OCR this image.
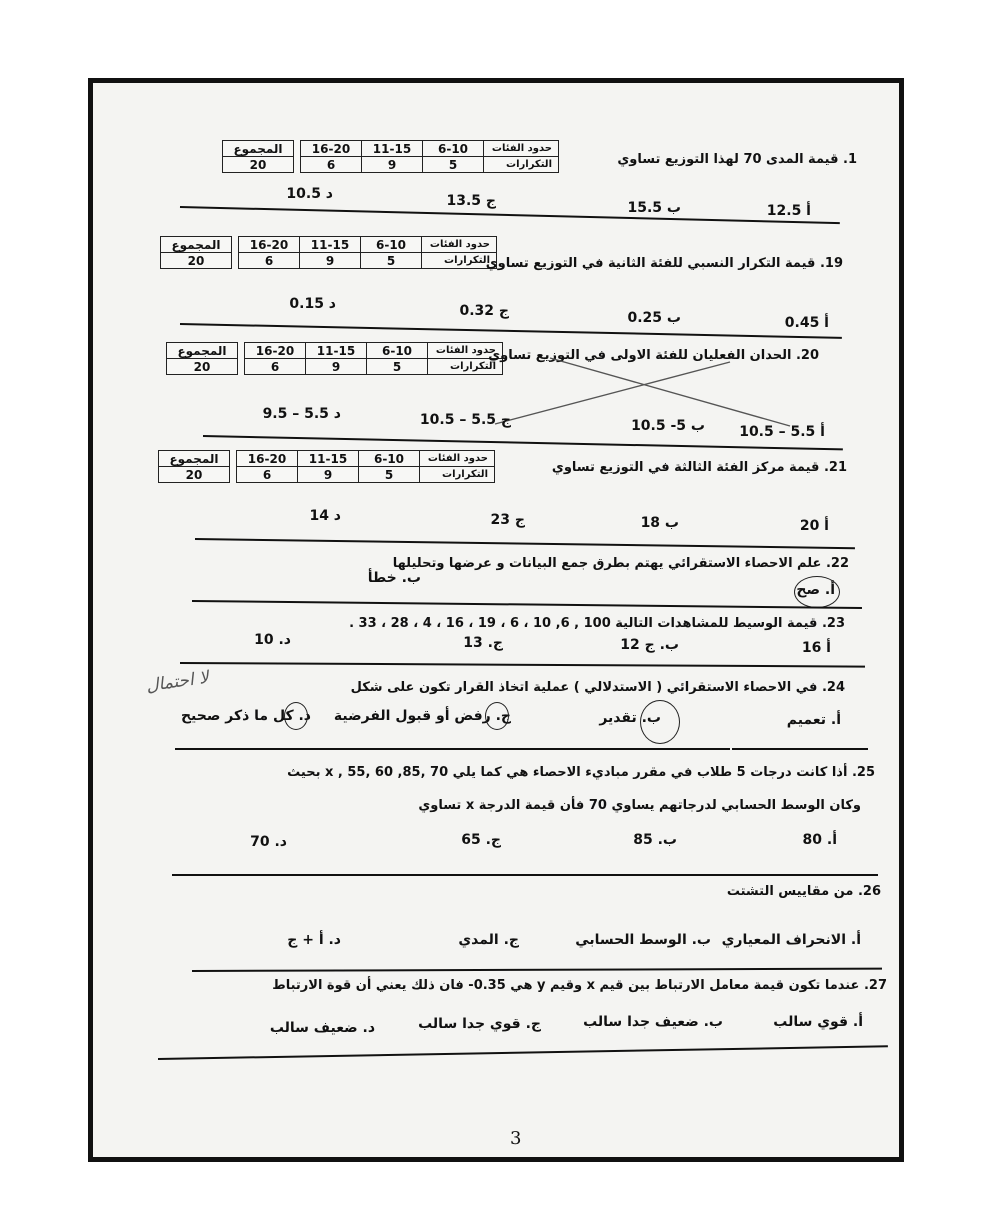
حدود الفئات	6-10	11-15	16-20		المجموع
التكرارات	5	9	6		20	1. قيمة المدى 70 لهذا التوزيع تساوي
أ 12.5
ب 15.5
ج 13.5
د 10.5
حدود الفئات	6-10	11-15	16-20		المجموع
التكرارات	5	9	6		20	19. قيمة التكرار النسبي للفئة الثانية في التوزيع تساوي
أ 0.45
ب 0.25
ج 0.32
د 0.15
حدود الفئات	6-10	11-15	16-20		المجموع
التكرارات	5	9	6		20
20. الحدان الفعليان للفئة الاولى في التوزيع تساوي
أ 5.5 – 10.5
ب 5- 10.5
ج 5.5 – 10.5
د 5.5 – 9.5
حدود الفئات	6-10	11-15	16-20		المجموع
التكرارات	5	9	6		20	21. قيمة مركز الفئة الثالثة في التوزيع تساوي
أ 20
ب 18
ج 23
د 14
22. علم الاحصاء الاستقرائي يهتم بطرق جمع البيانات و عرضها وتحليلها
أ. صح
ب. خطأ
23. قيمة الوسيط للمشاهدات التالية 100 , 6, 10 ، 6 ، 19 ، 16 ، 4 ، 28 ، 33 .
أ 16
ب. ج 12
ج. 13
د. 10
24. في الاحصاء الاستقرائي ( الاستدلالي ) عملية اتخاذ القرار تكون على شكل
أ. تعميم
ب. تقدير
ج. رفض أو قبول الفرضية
د. كل ما ذكر صحيح
لا احتمال
25. أذا كانت درجات 5 طلاب في مقرر مباديء الاحصاء هي كما يلي 70 ,85, x , 55, 60 بحيث
وكان الوسط الحسابي لدرجاتهم يساوي 70 فأن قيمة الدرجة x تساوي
أ. 80
ب. 85
ج. 65
د. 70
26. من مقاييس التشتت
أ. الانحراف المعياري
ب. الوسط الحسابي
ج. المدي
د. أ + ج
27. عندما تكون قيمة معامل الارتباط بين قيم x وقيم y هي 0.35- فان ذلك يعني أن قوة الارتباط
أ. قوي سالب
ب. ضعيف جدا سالب
ج. قوي جدا سالب
د. ضعيف سالب
3
